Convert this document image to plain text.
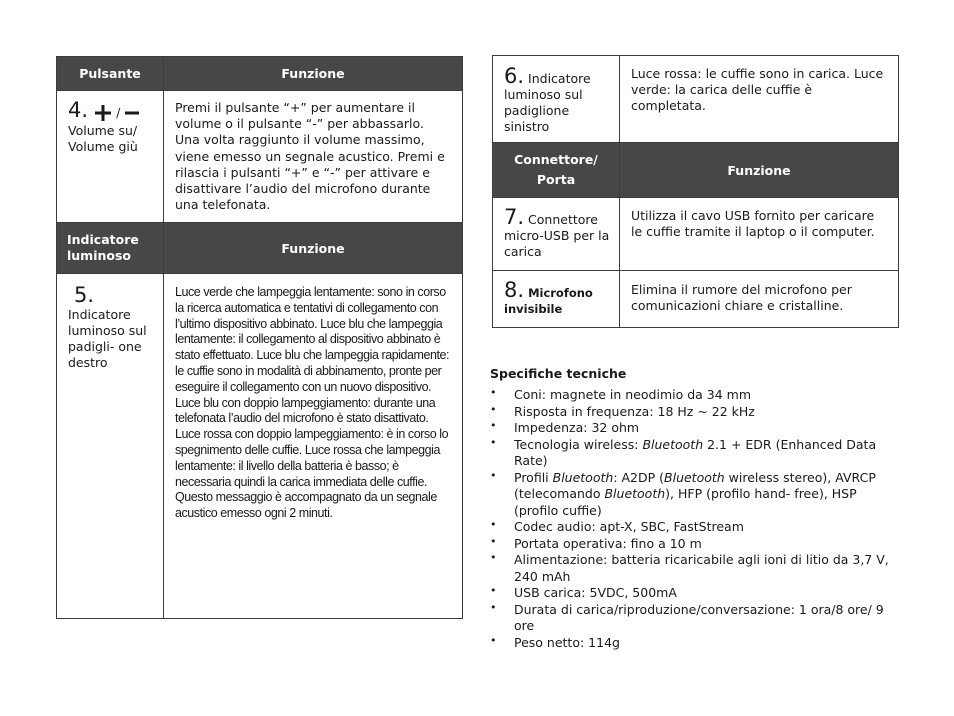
Pulsante	Funzione

4. /
Volume su/ Volume giù	Premi il pulsante “+” per aumentare il volume o il pulsante “-” per abbassarlo. Una volta raggiunto il volume massimo, viene emesso un segnale acustico. Premi e rilascia i pulsanti “+” e “-” per attivare e disattivare l’audio del microfono durante una telefonata.

Indicatore luminoso	Funzione

5.
Indicatore luminoso sul padigli- one destro	Luce verde che lampeggia lentamente: sono in corso la ricerca automatica e tentativi di collegamento con l’ultimo dispositivo abbinato. Luce blu che lampeggia lentamente: il collegamento al dispositivo abbinato è stato effettuato. Luce blu che lampeggia rapidamente: le cuffie sono in modalità di abbinamento, pronte per eseguire il collegamento con un nuovo dispositivo. Luce blu con doppio lampeggiamento: durante una telefonata l’audio del microfono è stato disattivato. Luce rossa con doppio lampeggiamento: è in corso lo spegnimento delle cuffie. Luce rossa che lampeggia lentamente: il livello della batteria è basso; è necessaria quindi la carica immediata delle cuffie. Questo messaggio è accompagnato da un segnale acustico emesso ogni 2 minuti.
6. Indicatore luminoso sul padiglione sinistro	Luce rossa: le cuffie sono in carica. Luce verde: la carica delle cuffie è completata.

Connettore/ Porta	Funzione

7. Connettore micro-USB per la carica	Utilizza il cavo USB fornito per caricare le cuffie tramite il laptop o il computer.

8. Microfono invisibile	Elimina il rumore del microfono per comunicazioni chiare e cristalline.
Specifiche tecniche
• Coni: magnete in neodimio da 34 mm
• Risposta in frequenza: 18 Hz ~ 22 kHz
• Impedenza: 32 ohm
• Tecnologia wireless: Bluetooth 2.1 + EDR (Enhanced Data Rate)
• Profili Bluetooth: A2DP (Bluetooth wireless stereo), AVRCP (telecomando Bluetooth), HFP (profilo hand- free), HSP (profilo cuffie)
• Codec audio: apt-X, SBC, FastStream
• Portata operativa: fino a 10 m
• Alimentazione: batteria ricaricabile agli ioni di litio da 3,7 V, 240 mAh
• USB carica: 5VDC, 500mA
• Durata di carica/riproduzione/conversazione: 1 ora/8 ore/ 9 ore
• Peso netto: 114g
